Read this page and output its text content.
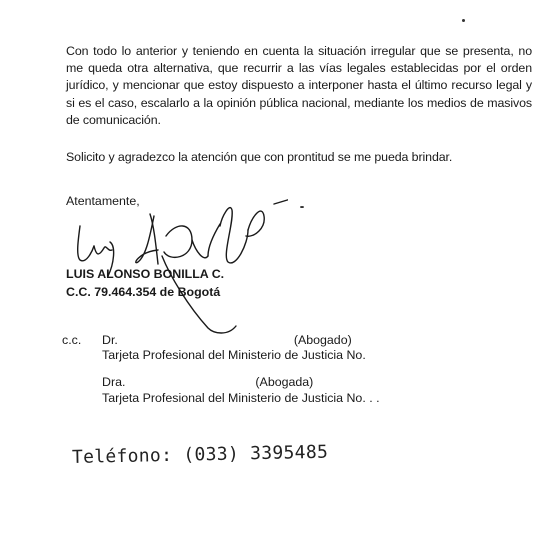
Con todo lo anterior y teniendo en cuenta la situación irregular que se presenta, no me queda otra alternativa, que recurrir a las vías legales establecidas por el orden jurídico, y mencionar que estoy dispuesto a interponer hasta el último recurso legal y si es el caso, escalarlo a la opinión pública nacional, mediante los medios de masivos de comunicación.
Solicito y agradezco la atención que con prontitud se me pueda brindar.
Atentamente,
LUIS ALONSO BONILLA C.
C.C. 79.464.354 de Bogotá
c.c. Dr.	(Abogado)
Tarjeta Profesional del Ministerio de Justicia No.
Dra.	(Abogada)
Tarjeta Profesional del Ministerio de Justicia No. . .
Teléfono: (033) 3395485
